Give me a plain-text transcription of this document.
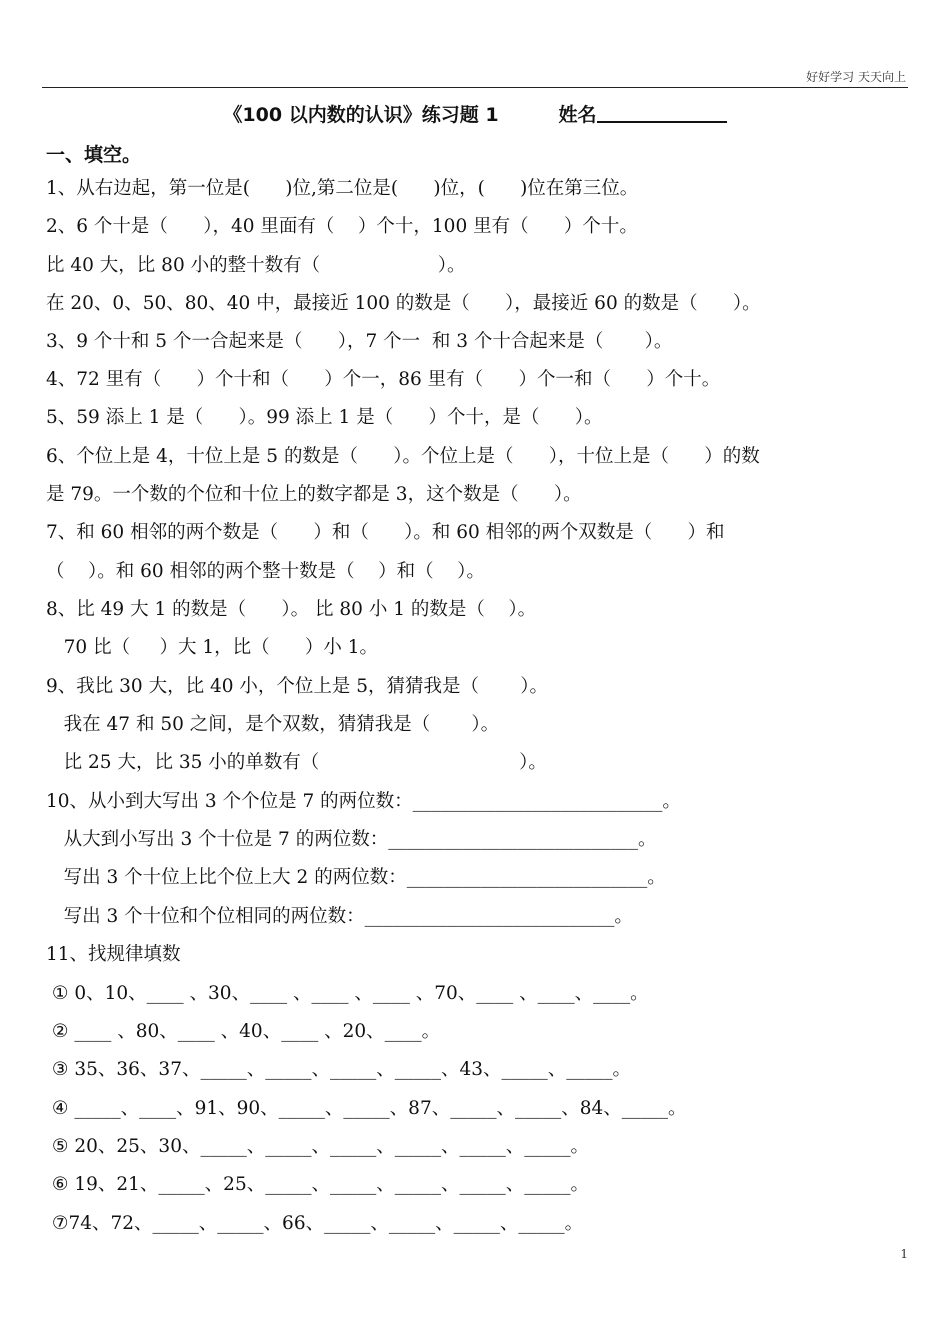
好好学习 天天向上
《100 以内数的认识》练习题 1	姓名
一、填空。
1、从右边起，第一位是(      )位,第二位是(      )位，(      )位在第三位。
2、6 个十是（      ），40 里面有（    ）个十，100 里有（      ）个十。
比 40 大，比 80 小的整十数有（                    ）。
在 20、0、50、80、40 中，最接近 100 的数是（      ），最接近 60 的数是（      ）。
3、9 个十和 5 个一合起来是（      ），7 个一  和 3 个十合起来是（       ）。
4、72 里有（      ）个十和（      ）个一，86 里有（      ）个一和（      ）个十。
5、59 添上 1 是（      ）。99 添上 1 是（      ）个十，是（      ）。
6、个位上是 4，十位上是 5 的数是（      ）。个位上是（      ），十位上是（      ）的数
是 79。一个数的个位和十位上的数字都是 3，这个数是（      ）。
7、和 60 相邻的两个数是（      ）和（      ）。和 60 相邻的两个双数是（      ）和
（    ）。和 60 相邻的两个整十数是（    ）和（    ）。
8、比 49 大 1 的数是（      ）。 比 80 小 1 的数是（    ）。
70 比（     ）大 1，比（      ）小 1。
9、我比 30 大，比 40 小，个位上是 5，猜猜我是（       ）。
我在 47 和 50 之间，是个双数，猜猜我是（       ）。
比 25 大，比 35 小的单数有（                                  ）。
10、从小到大写出 3 个个位是 7 的两位数：___________________________。
从大到小写出 3 个十位是 7 的两位数：___________________________。
写出 3 个十位上比个位上大 2 的两位数：__________________________。
写出 3 个十位和个位相同的两位数：___________________________。
11、找规律填数
① 0、10、____ 、30、____ 、____ 、____ 、70、____ 、____、____。
② ____ 、80、____ 、40、____ 、20、____。
③ 35、36、37、_____、_____、_____、_____、43、_____、_____。
④ _____、____、91、90、_____、_____、87、_____、_____、84、_____。
⑤ 20、25、30、_____、_____、_____、_____、_____、_____。
⑥ 19、21、_____、25、_____、_____、_____、_____、_____。
⑦74、72、_____、_____、66、_____、_____、_____、_____。
1
